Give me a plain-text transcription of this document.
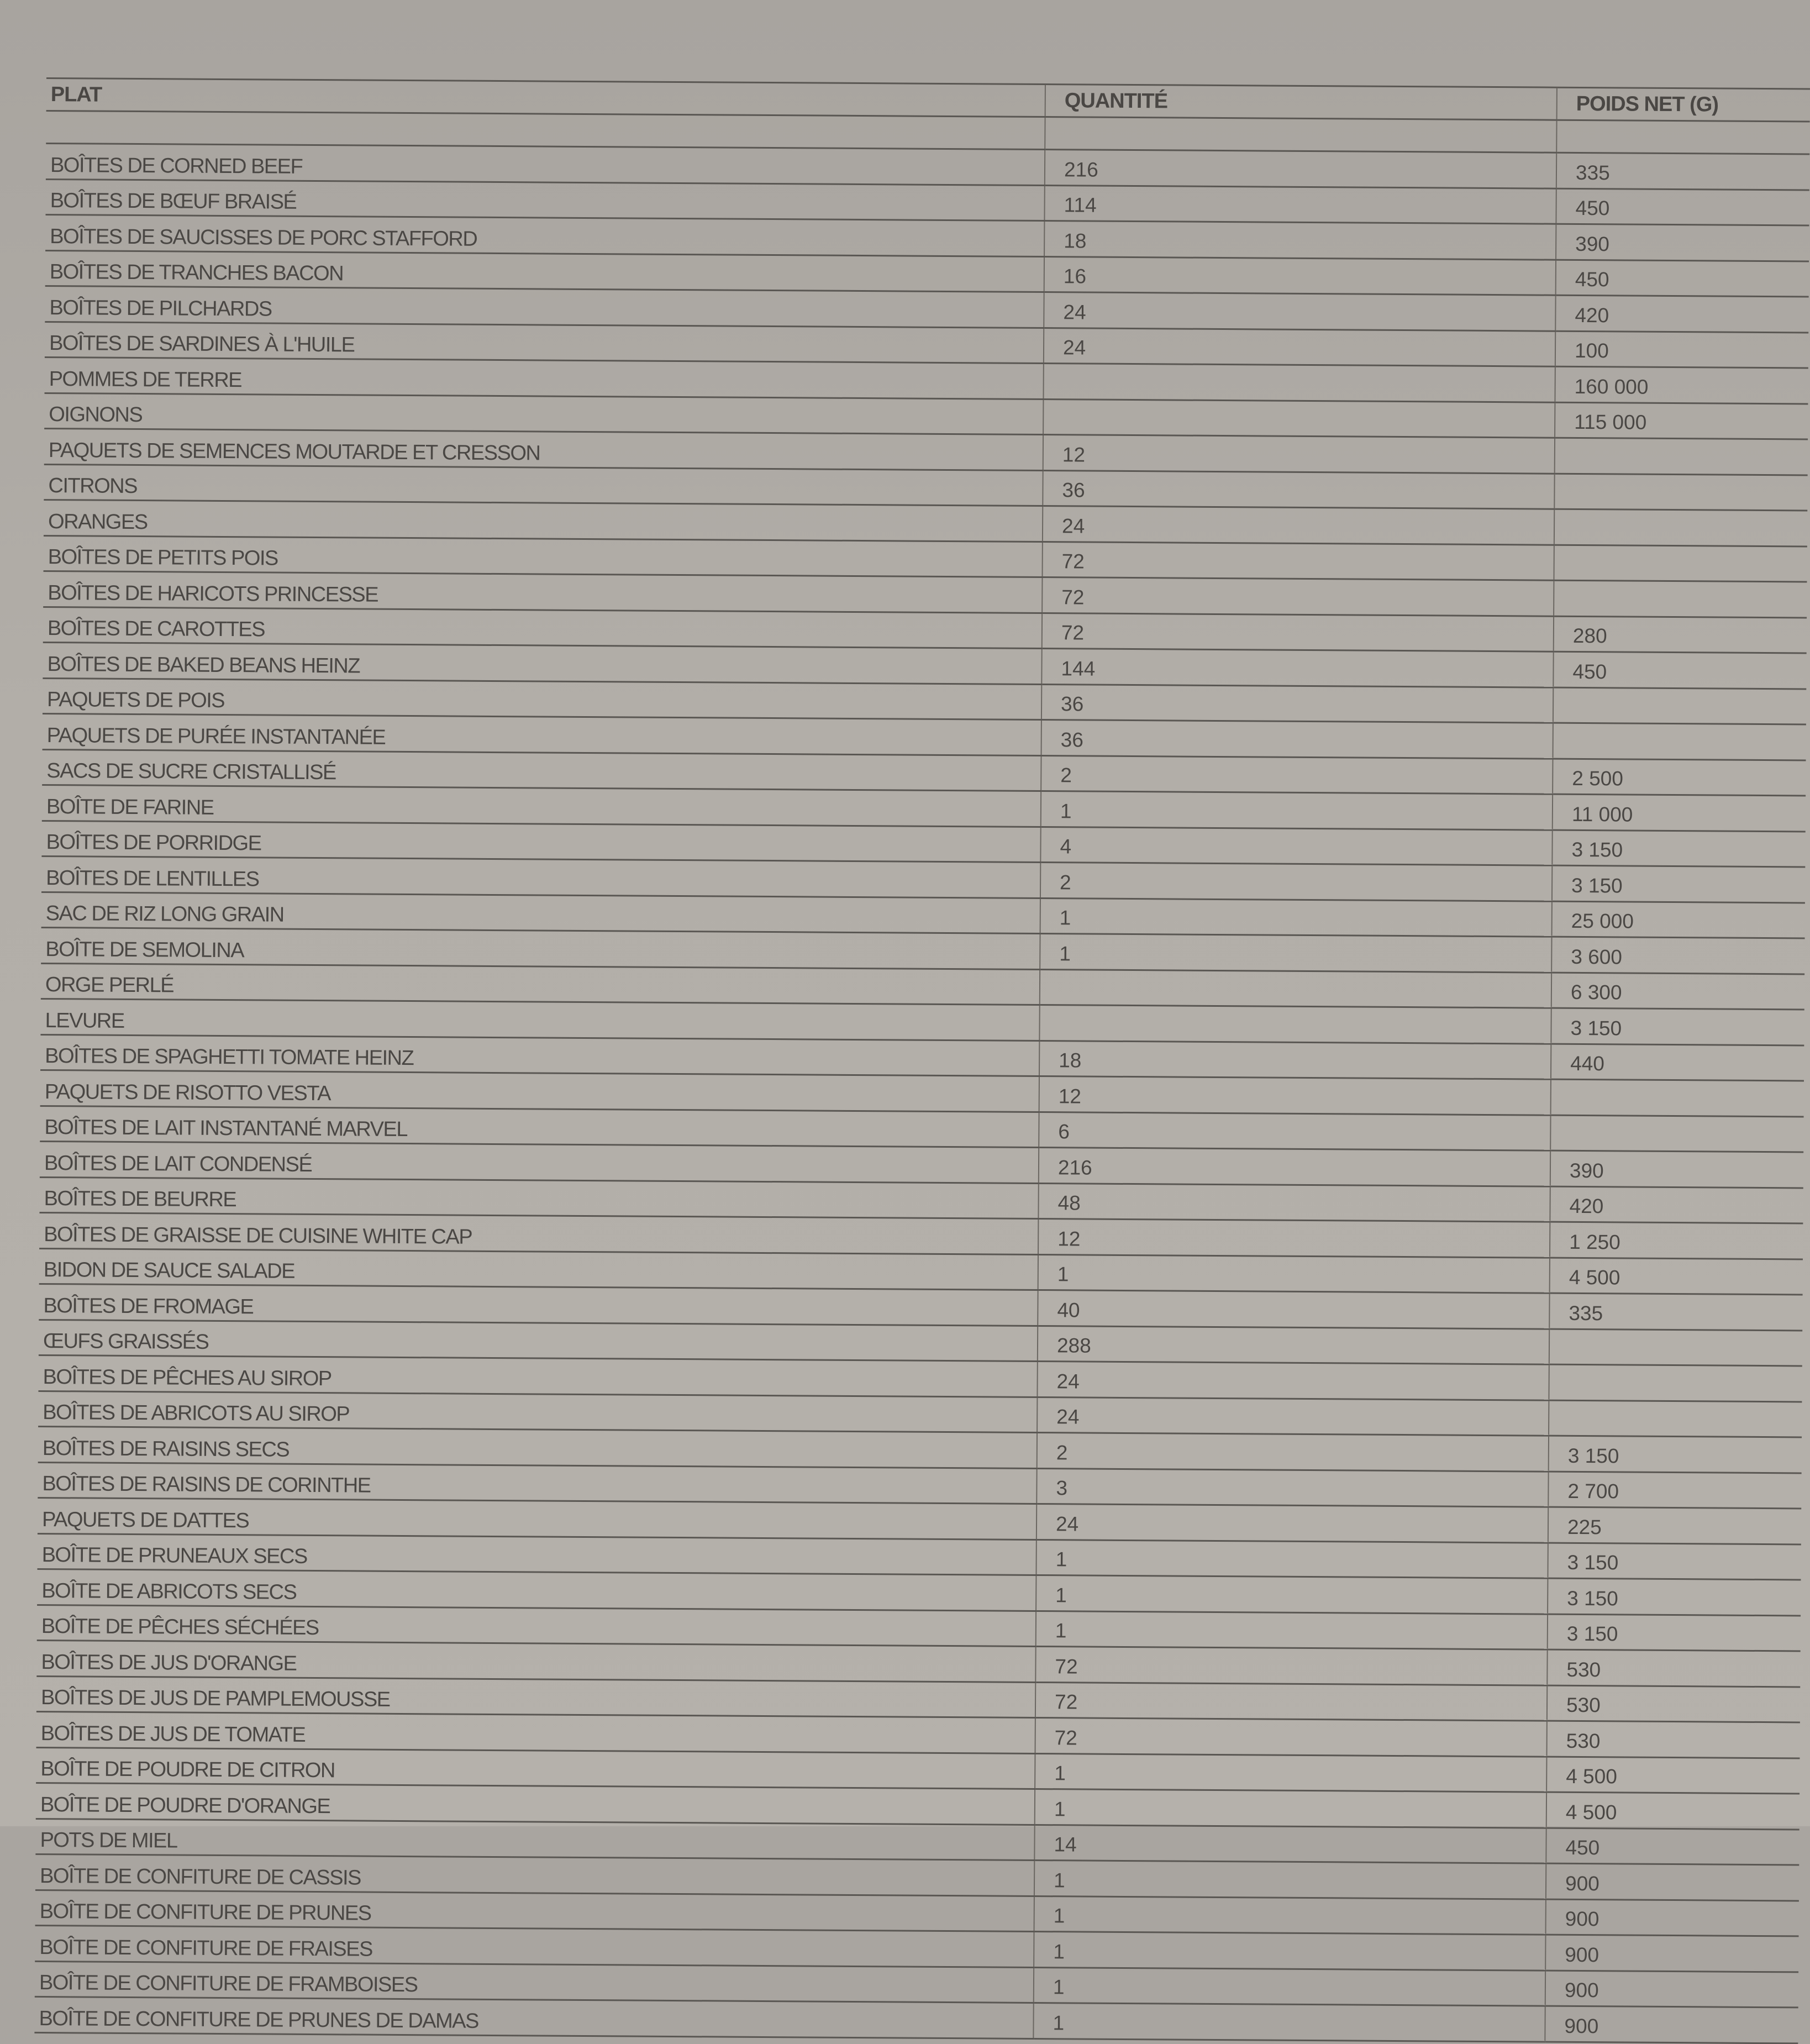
PLAT	QUANTITÉ	POIDS NET (G)

BOÎTES DE CORNED BEEF	216	335
BOÎTES DE BŒUF BRAISÉ	114	450
BOÎTES DE SAUCISSES DE PORC STAFFORD	18	390
BOÎTES DE TRANCHES BACON	16	450
BOÎTES DE PILCHARDS	24	420
BOÎTES DE SARDINES À L'HUILE	24	100
POMMES DE TERRE		160 000
OIGNONS		115 000
PAQUETS DE SEMENCES MOUTARDE ET CRESSON	12	
CITRONS	36	
ORANGES	24	
BOÎTES DE PETITS POIS	72	
BOÎTES DE HARICOTS PRINCESSE	72	
BOÎTES DE CAROTTES	72	280
BOÎTES DE BAKED BEANS HEINZ	144	450
PAQUETS DE POIS	36	
PAQUETS DE PURÉE INSTANTANÉE	36	
SACS DE SUCRE CRISTALLISÉ	2	2 500
BOÎTE DE FARINE	1	11 000
BOÎTES DE PORRIDGE	4	3 150
BOÎTES DE LENTILLES	2	3 150
SAC DE RIZ LONG GRAIN	1	25 000
BOÎTE DE SEMOLINA	1	3 600
ORGE PERLÉ		6 300
LEVURE		3 150
BOÎTES DE SPAGHETTI TOMATE HEINZ	18	440
PAQUETS DE RISOTTO VESTA	12	
BOÎTES DE LAIT INSTANTANÉ MARVEL	6	
BOÎTES DE LAIT CONDENSÉ	216	390
BOÎTES DE BEURRE	48	420
BOÎTES DE GRAISSE DE CUISINE WHITE CAP	12	1 250
BIDON DE SAUCE SALADE	1	4 500
BOÎTES DE FROMAGE	40	335
ŒUFS GRAISSÉS	288	
BOÎTES DE PÊCHES AU SIROP	24	
BOÎTES DE ABRICOTS AU SIROP	24	
BOÎTES DE RAISINS SECS	2	3 150
BOÎTES DE RAISINS DE CORINTHE	3	2 700
PAQUETS DE DATTES	24	225
BOÎTE DE PRUNEAUX SECS	1	3 150
BOÎTE DE ABRICOTS SECS	1	3 150
BOÎTE DE PÊCHES SÉCHÉES	1	3 150
BOÎTES DE JUS D'ORANGE	72	530
BOÎTES DE JUS DE PAMPLEMOUSSE	72	530
BOÎTES DE JUS DE TOMATE	72	530
BOÎTE DE POUDRE DE CITRON	1	4 500
BOÎTE DE POUDRE D'ORANGE	1	4 500
POTS DE MIEL	14	450
BOÎTE DE CONFITURE DE CASSIS	1	900
BOÎTE DE CONFITURE DE PRUNES	1	900
BOÎTE DE CONFITURE DE FRAISES	1	900
BOÎTE DE CONFITURE DE FRAMBOISES	1	900
BOÎTE DE CONFITURE DE PRUNES DE DAMAS	1	900
